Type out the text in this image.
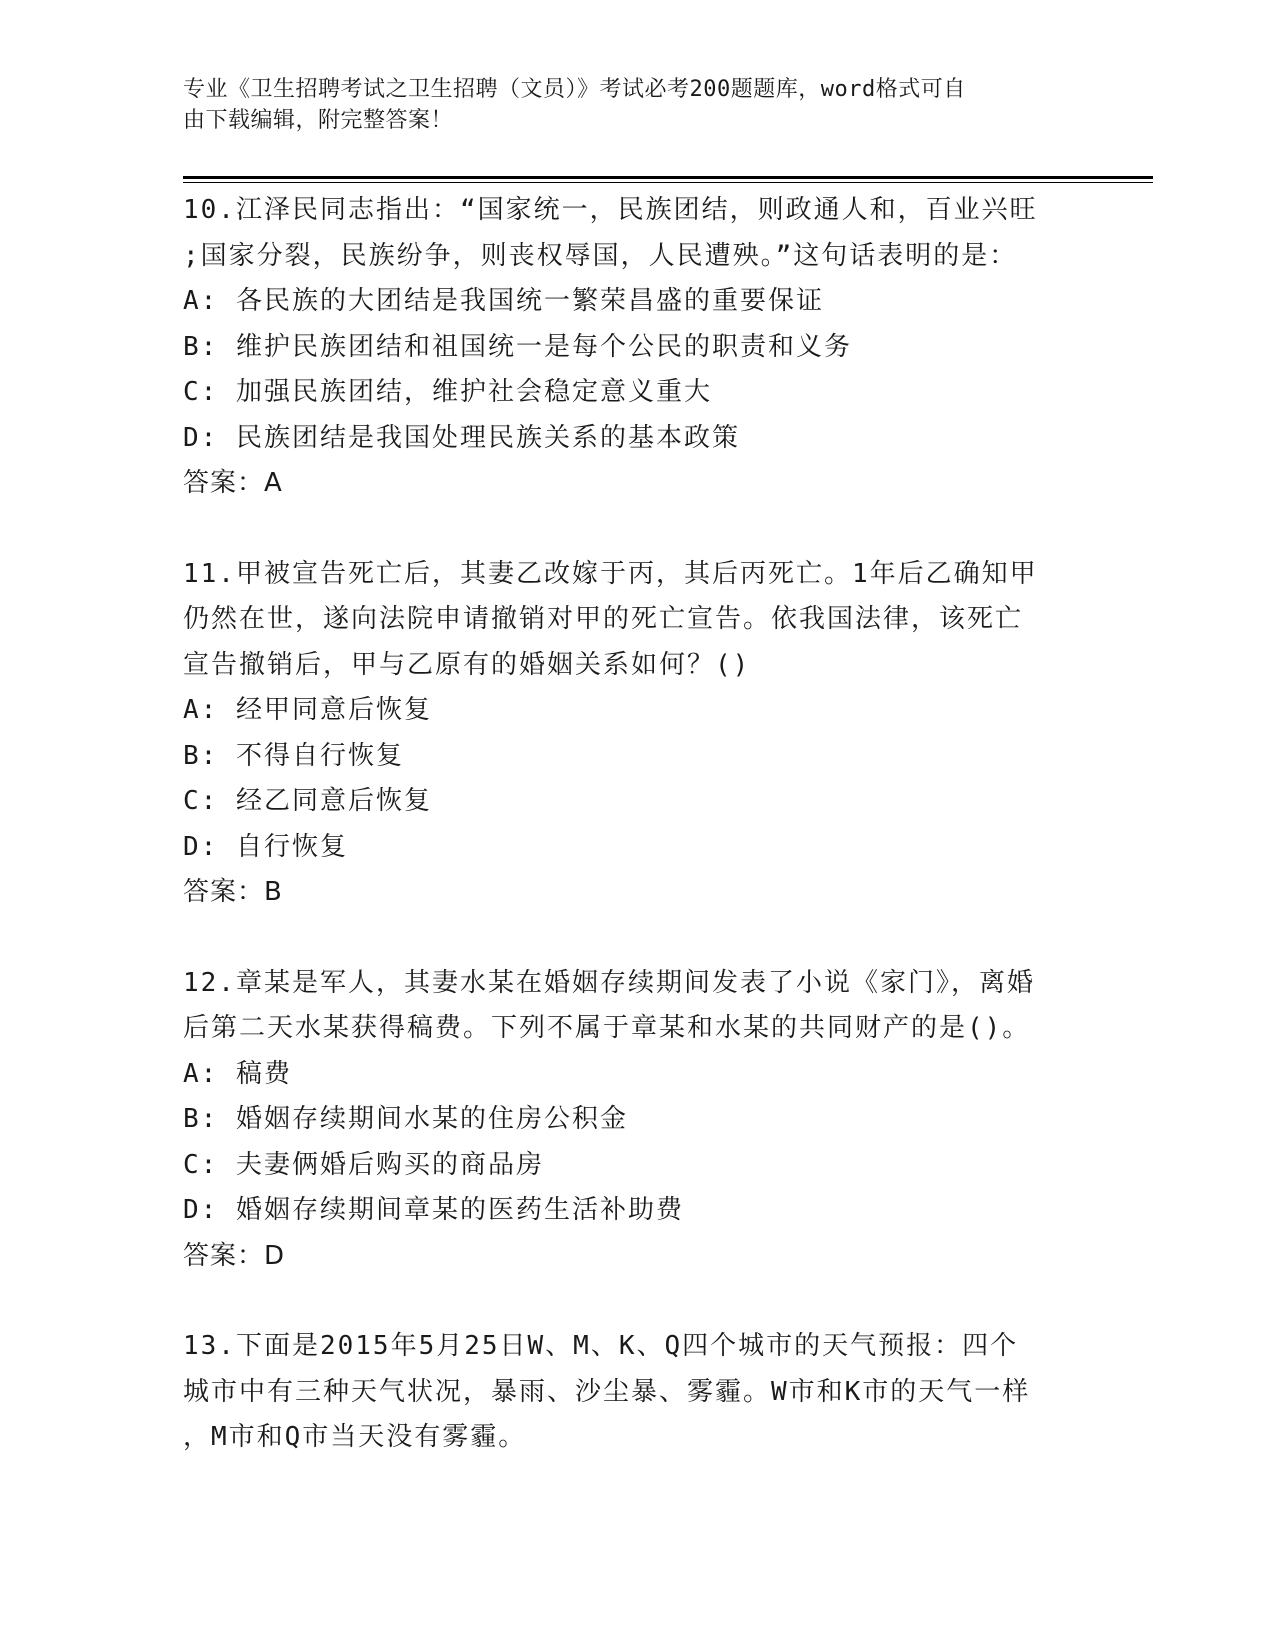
专业《卫生招聘考试之卫生招聘（文员）》考试必考200题题库，word格式可自
由下载编辑，附完整答案！
10.江泽民同志指出：“国家统一，民族团结，则政通人和，百业兴旺
;国家分裂，民族纷争，则丧权辱国，人民遭殃。”这句话表明的是：
A: 各民族的大团结是我国统一繁荣昌盛的重要保证
B: 维护民族团结和祖国统一是每个公民的职责和义务
C: 加强民族团结，维护社会稳定意义重大
D: 民族团结是我国处理民族关系的基本政策
答案：A
11.甲被宣告死亡后，其妻乙改嫁于丙，其后丙死亡。1年后乙确知甲
仍然在世，遂向法院申请撤销对甲的死亡宣告。依我国法律，该死亡
宣告撤销后，甲与乙原有的婚姻关系如何？()
A: 经甲同意后恢复
B: 不得自行恢复
C: 经乙同意后恢复
D: 自行恢复
答案：B
12.章某是军人，其妻水某在婚姻存续期间发表了小说《家门》，离婚
后第二天水某获得稿费。下列不属于章某和水某的共同财产的是()。
A: 稿费
B: 婚姻存续期间水某的住房公积金
C: 夫妻俩婚后购买的商品房
D: 婚姻存续期间章某的医药生活补助费
答案：D
13.下面是2015年5月25日W、M、K、Q四个城市的天气预报：四个
城市中有三种天气状况，暴雨、沙尘暴、雾霾。W市和K市的天气一样
，M市和Q市当天没有雾霾。
